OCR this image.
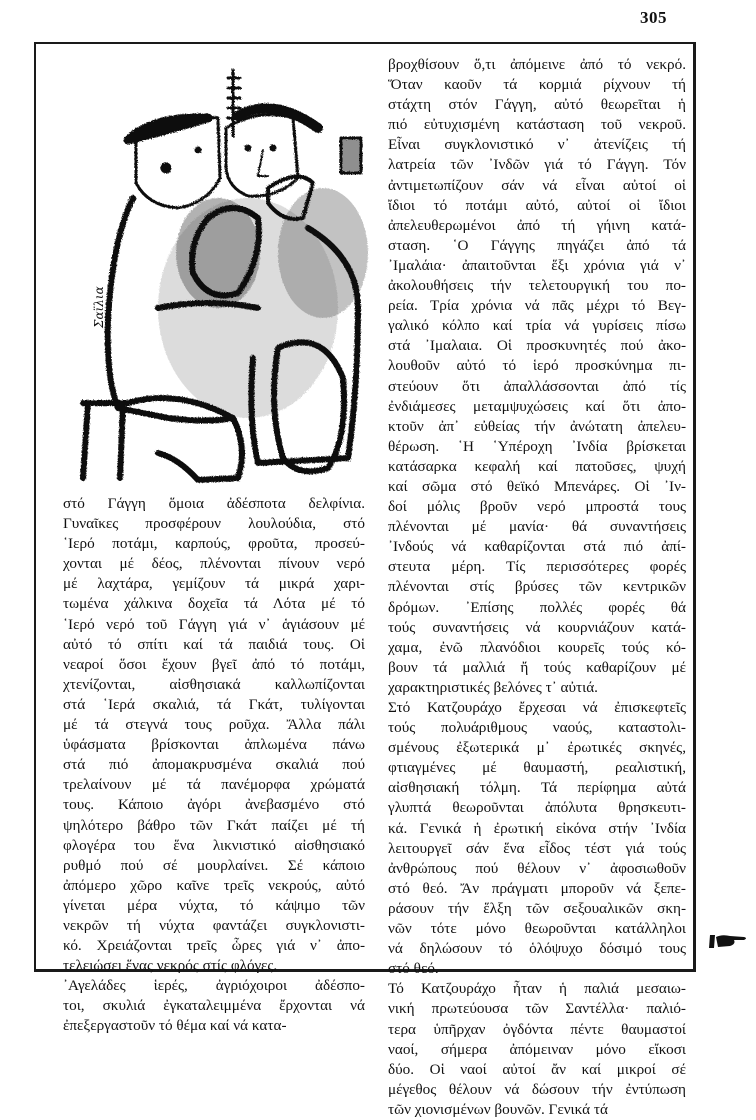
305
Σαϊλια

στό Γάγγη ὅμοια ἀδέσποτα δελφίνια.

Γυναῖκες προσφέρουν λουλούδια, στό

῾Ιερό ποτάμι, καρπούς, φροῦτα, προσεύ-

χονται μέ δέος, πλένονται πίνουν νερό

μέ λαχτάρα, γεμίζουν τά μικρά χαρι-

τωμένα χάλκινα δοχεῖα τά Λότα μέ τό

῾Ιερό νερό τοῦ Γάγγη γιά ν᾽ ἁγιάσουν μέ

αὐτό τό σπίτι καί τά παιδιά τους. Οἱ

νεαροί ὅσοι ἔχουν βγεῖ ἀπό τό ποτάμι,

χτενίζονται, αἰσθησιακά καλλωπίζονται

στά ῾Ιερά σκαλιά, τά Γκάτ, τυλίγονται

μέ τά στεγνά τους ροῦχα. Ἄλλα πάλι

ὑφάσματα βρίσκονται ἁπλωμένα πάνω

στά πιό ἀπομακρυσμένα σκαλιά πού

τρελαίνουν μέ τά πανέμορφα χρώματά

τους. Κάποιο ἀγόρι ἀνεβασμένο στό

ψηλότερο βάθρο τῶν Γκάτ παίζει μέ τή

φλογέρα του ἕνα λικνιστικό αἰσθησιακό

ρυθμό πού σέ μουρλαίνει. Σέ κάποιο

ἀπόμερο χῶρο καῖνε τρεῖς νεκρούς, αὐτό

γίνεται μέρα νύχτα, τό κάψιμο τῶν

νεκρῶν τή νύχτα φαντάζει συγκλονιστι-

κό. Χρειάζονται τρεῖς ὧρες γιά ν᾽ ἀπο-

τελειώσει ἕνας νεκρός στίς φλόγες.

᾽Αγελάδες ἱερές, ἀγριόχοιροι ἀδέσπο-

τοι, σκυλιά ἐγκαταλειμμένα ἔρχονται νά

ἐπεξεργαστοῦν τό θέμα καί νά κατα-

βροχθίσουν ὅ,τι ἀπόμεινε ἀπό τό νεκρό.

Ὅταν καοῦν τά κορμιά ρίχνουν τή

στάχτη στόν Γάγγη, αὐτό θεωρεῖται ἡ

πιό εὐτυχισμένη κατάσταση τοῦ νεκροῦ.

Εἶναι συγκλονιστικό ν᾽ ἀτενίζεις τή

λατρεία τῶν ᾽Ινδῶν γιά τό Γάγγη. Τόν

ἀντιμετωπίζουν σάν νά εἶναι αὐτοί οἱ

ἴδιοι τό ποτάμι αὐτό, αὐτοί οἱ ἴδιοι

ἀπελευθερωμένοι ἀπό τή γήινη κατά-

σταση. ῾Ο Γάγγης πηγάζει ἀπό τά

᾽Ιμαλάια· ἀπαιτοῦνται ἕξι χρόνια γιά ν᾽

ἀκολουθήσεις τήν τελετουργική του πο-

ρεία. Τρία χρόνια νά πᾶς μέχρι τό Βεγ-

γαλικό κόλπο καί τρία νά γυρίσεις πίσω

στά ᾽Ιμαλαια. Οἱ προσκυνητές πού ἀκο-

λουθοῦν αὐτό τό ἱερό προσκύνημα πι-

στεύουν ὅτι ἀπαλλάσσονται ἀπό τίς

ἐνδιάμεσες μεταμψυχώσεις καί ὅτι ἀπο-

κτοῦν ἀπ᾽ εὐθείας τήν ἀνώτατη ἀπελευ-

θέρωση. ῾Η ῾Υπέροχη ᾽Ινδία βρίσκεται

κατάσαρκα κεφαλή καί πατοῦσες, ψυχή

καί σῶμα στό θεϊκό Μπενάρες. Οἱ ᾽Ιν-

δοί μόλις βροῦν νερό μπροστά τους

πλένονται μέ μανία· θά συναντήσεις

᾽Ινδούς νά καθαρίζονται στά πιό ἀπί-

στευτα μέρη. Τίς περισσότερες φορές

πλένονται στίς βρύσες τῶν κεντρικῶν

δρόμων. ᾽Επίσης πολλές φορές θά

τούς συναντήσεις νά κουρνιάζουν κατά-

χαμα, ἐνῶ πλανόδιοι κουρεῖς τούς κό-

βουν τά μαλλιά ἤ τούς καθαρίζουν μέ

χαρακτηριστικές βελόνες τ᾽ αὐτιά.

Στό Κατζουράχο ἔρχεσαι νά ἐπισκεφτεῖς

τούς πολυάριθμους ναούς, καταστολι-

σμένους ἐξωτερικά μ᾽ ἐρωτικές σκηνές,

φτιαγμένες μέ θαυμαστή, ρεαλιστική,

αἰσθησιακή τόλμη. Τά περίφημα αὐτά

γλυπτά θεωροῦνται ἀπόλυτα θρησκευτι-

κά. Γενικά ἡ ἐρωτική εἰκόνα στήν ᾽Ινδία

λειτουργεῖ σάν ἕνα εἶδος τέστ γιά τούς

ἀνθρώπους πού θέλουν ν᾽ ἀφοσιωθοῦν

στό θεό. Ἄν πράγματι μποροῦν νά ξεπε-

ράσουν τήν ἕλξη τῶν σεξουαλικῶν σκη-

νῶν τότε μόνο θεωροῦνται κατάλληλοι

νά δηλώσουν τό ὁλόψυχο δόσιμό τους

στό θεό.

Τό Κατζουράχο ἦταν ἡ παλιά μεσαιω-

νική πρωτεύουσα τῶν Σαντέλλα· παλιό-

τερα ὑπῆρχαν ὀγδόντα πέντε θαυμαστοί

ναοί, σήμερα ἀπόμειναν μόνο εἴκοσι

δύο. Οἱ ναοί αὐτοί ἄν καί μικροί σέ

μέγεθος θέλουν νά δώσουν τήν ἐντύπωση

τῶν χιονισμένων βουνῶν. Γενικά τά
